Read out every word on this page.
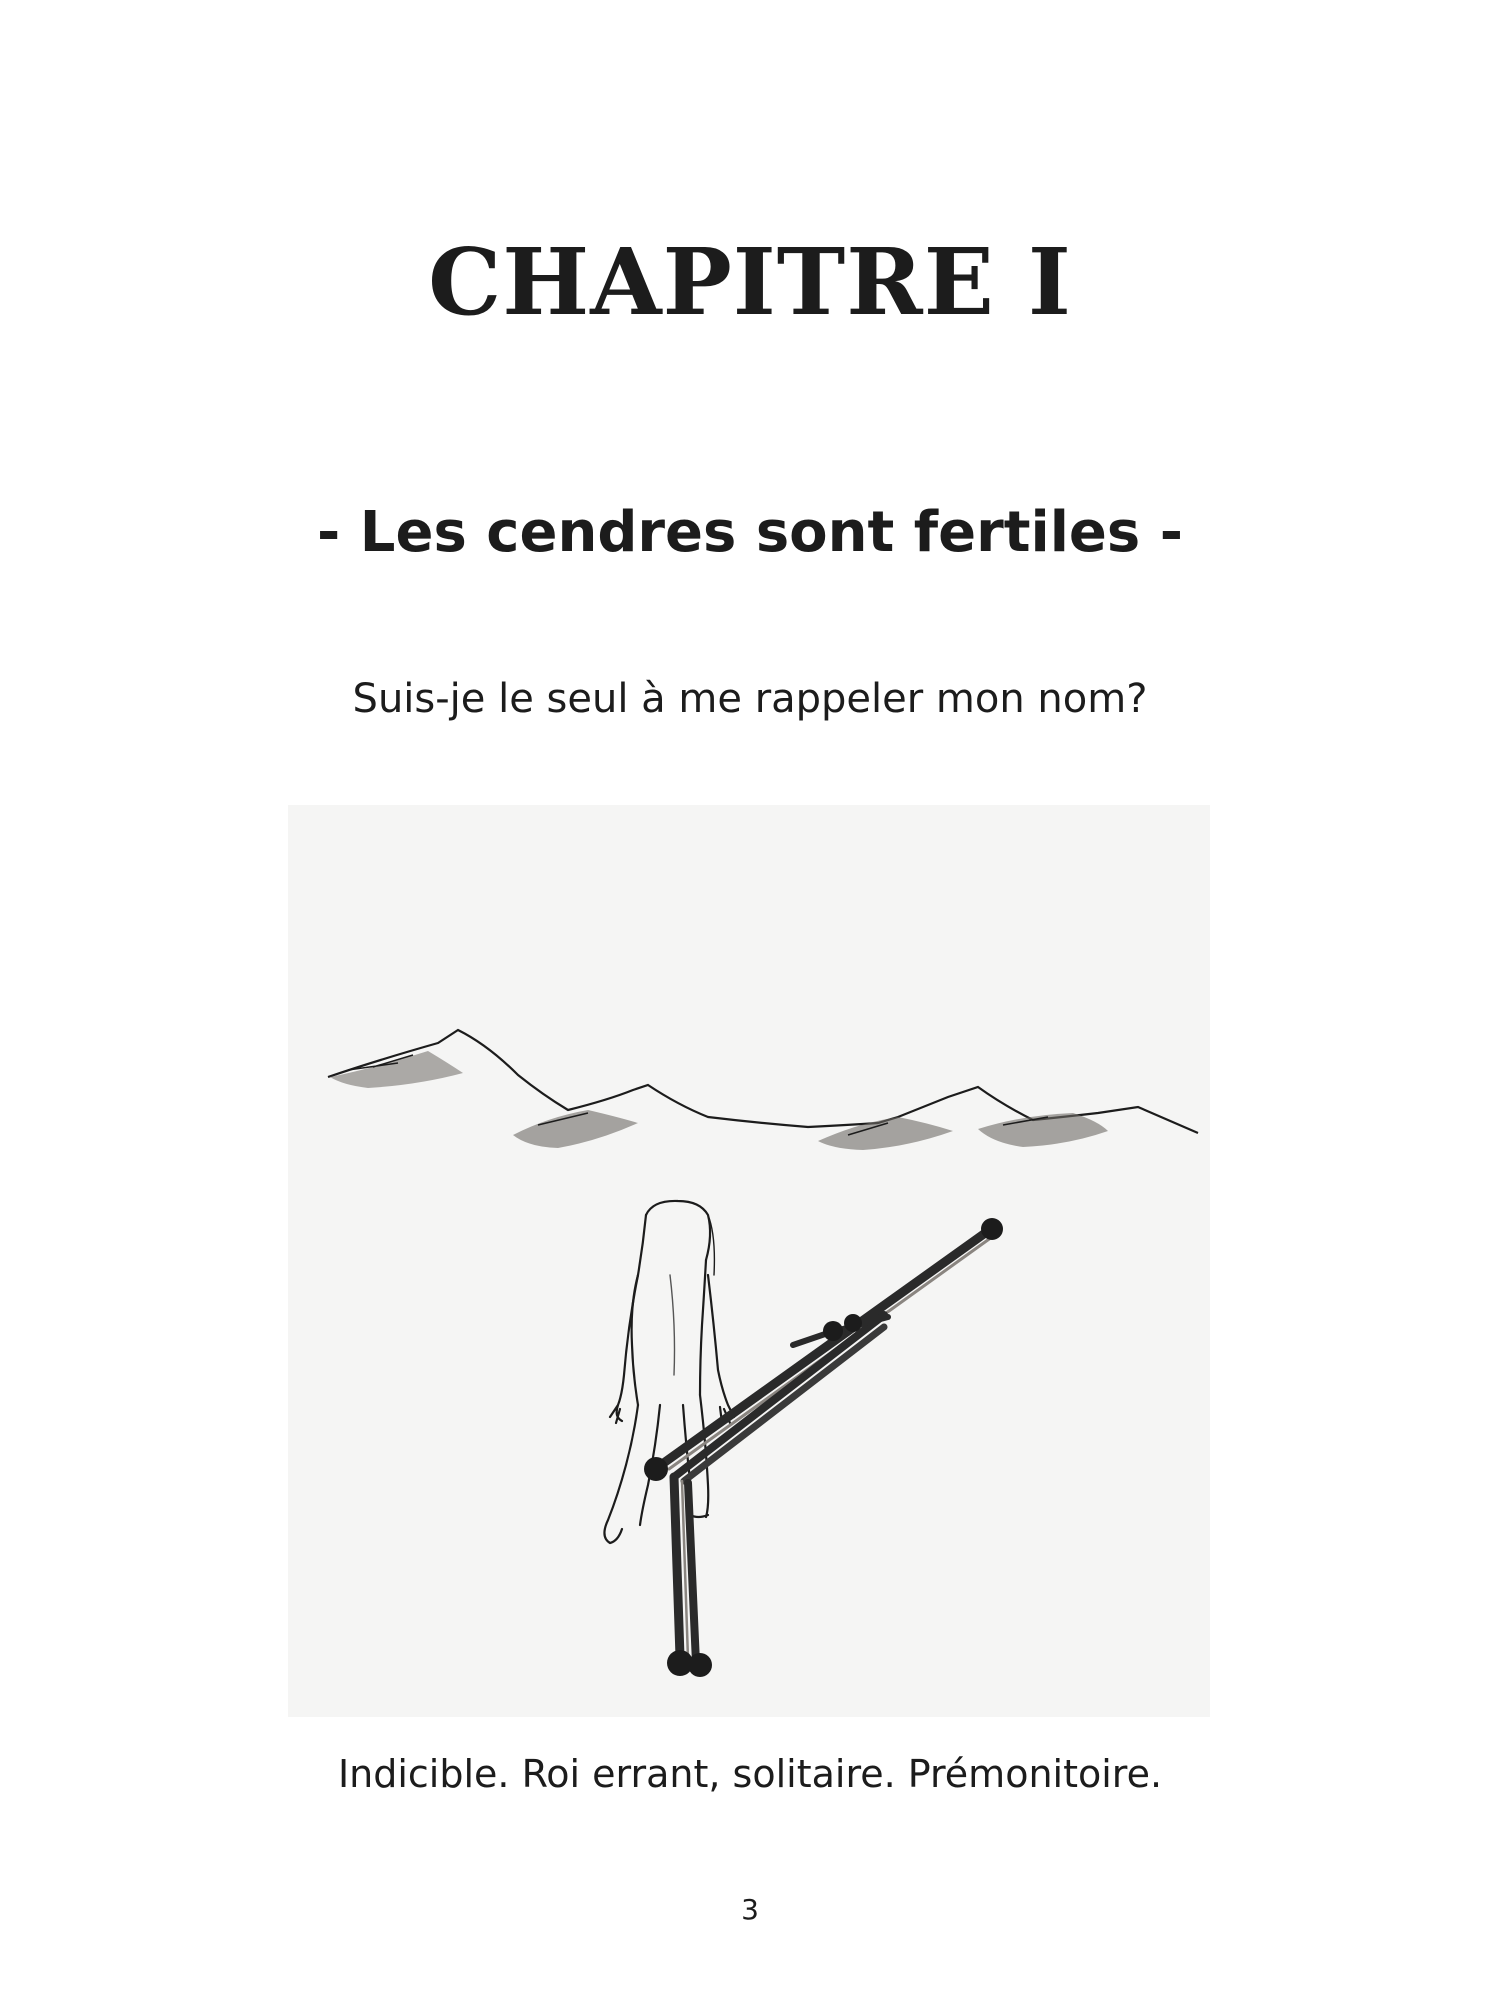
CHAPITRE I
- Les cendres sont fertiles -

Suis-je le seul à me rappeler mon nom?

Indicible. Roi errant, solitaire. Prémonitoire.

3
